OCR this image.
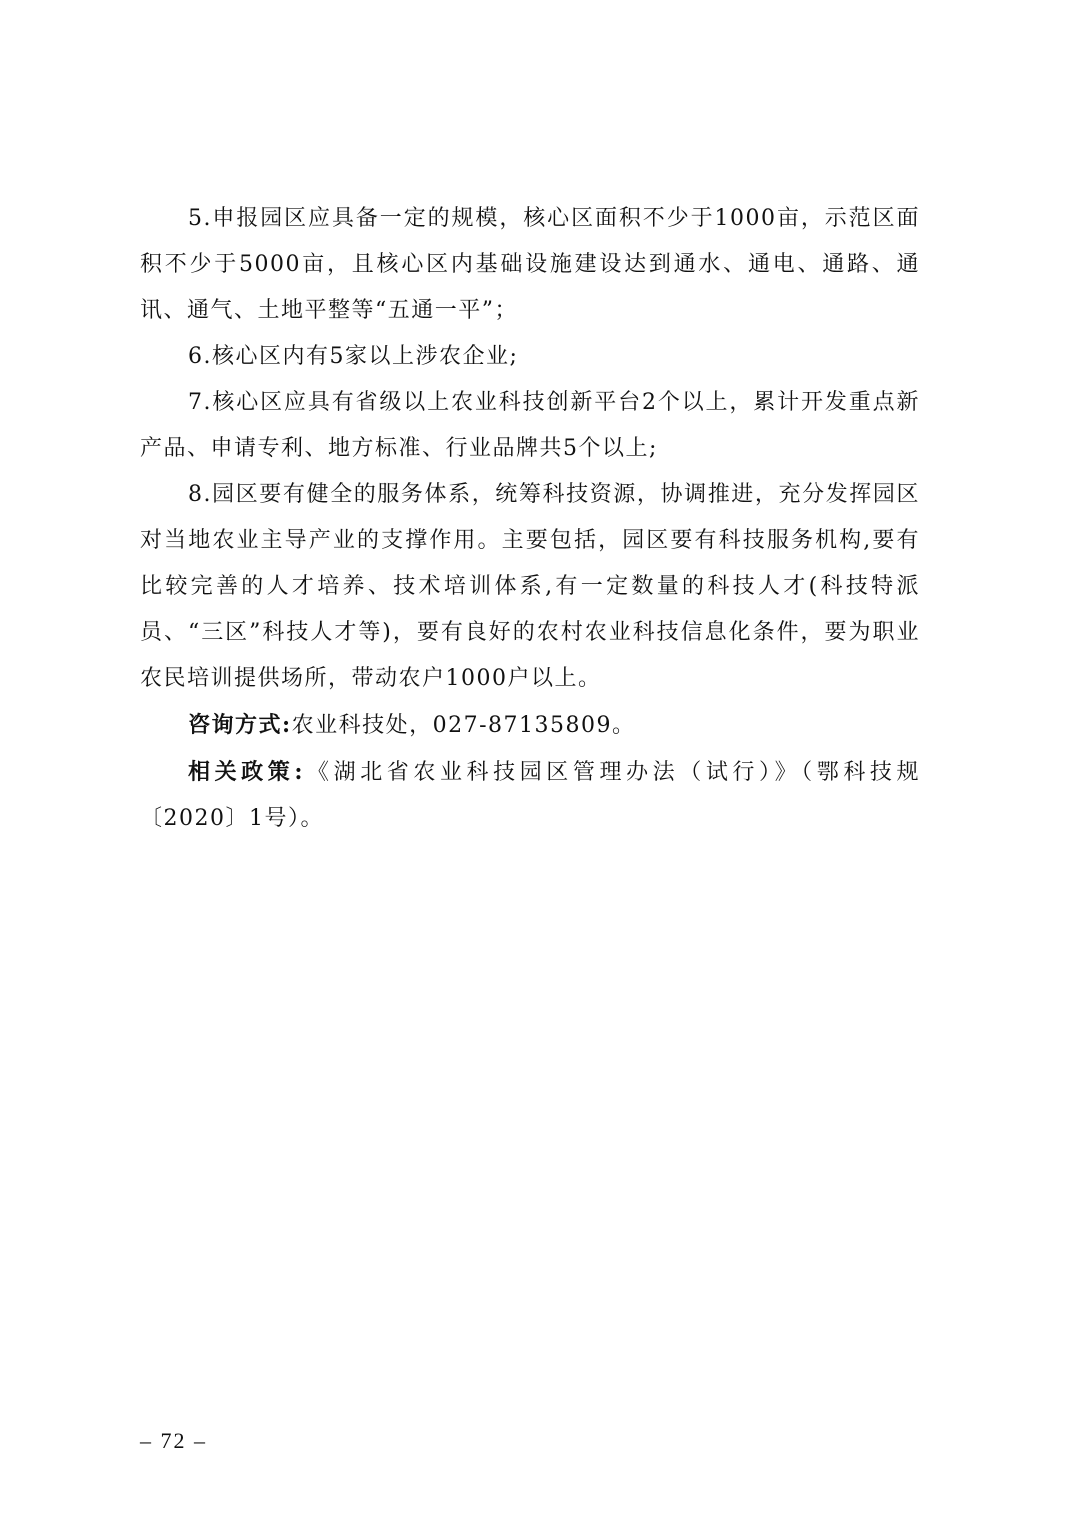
5.申报园区应具备一定的规模，核心区面积不少于1000亩，示范区面积不少于5000亩，且核心区内基础设施建设达到通水、通电、通路、通讯、通气、土地平整等“五通一平”；

6.核心区内有5家以上涉农企业;

7.核心区应具有省级以上农业科技创新平台2个以上，累计开发重点新产品、申请专利、地方标准、行业品牌共5个以上;

8.园区要有健全的服务体系，统筹科技资源，协调推进，充分发挥园区对当地农业主导产业的支撑作用。主要包括，园区要有科技服务机构,要有比较完善的人才培养、技术培训体系,有一定数量的科技人才(科技特派员、“三区”科技人才等)，要有良好的农村农业科技信息化条件，要为职业农民培训提供场所，带动农户1000户以上。

咨询方式:农业科技处，027-87135809。

相关政策:《湖北省农业科技园区管理办法（试行）》（鄂科技规〔2020〕1号）。

– 72 –
